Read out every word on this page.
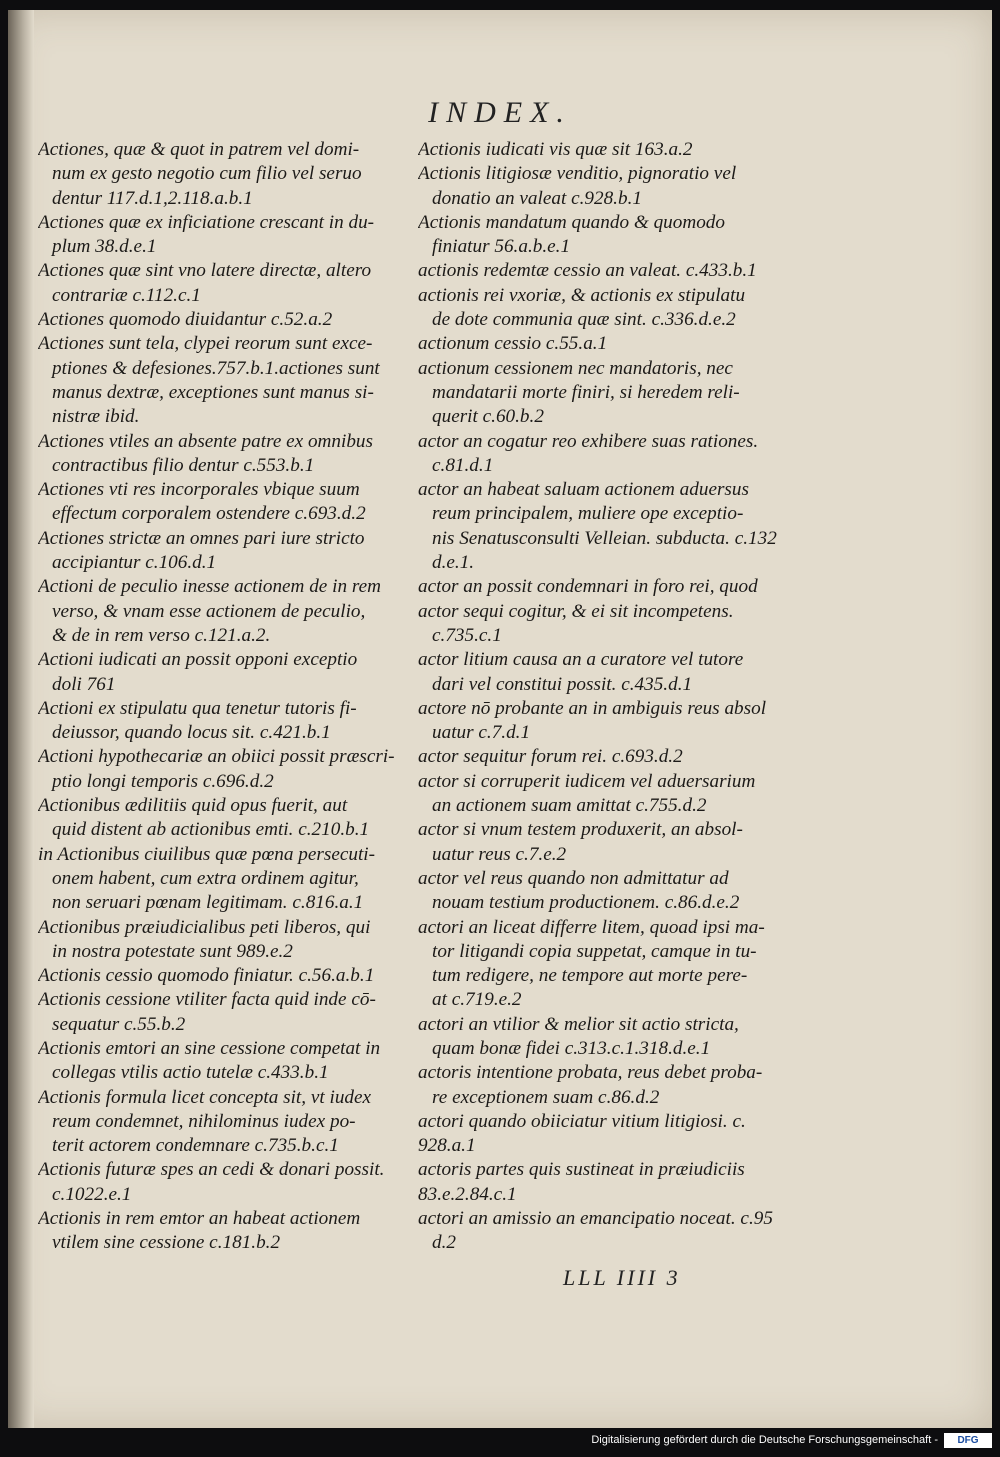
INDEX.
Actiones, quæ & quot in patrem vel domi-
num ex gesto negotio cum filio vel seruo
dentur 117.d.1,2.118.a.b.1
Actiones quæ ex inficiatione crescant in du-
plum 38.d.e.1
Actiones quæ sint vno latere directæ, altero
contrariæ c.112.c.1
Actiones quomodo diuidantur c.52.a.2
Actiones sunt tela, clypei reorum sunt exce-
ptiones & defesiones.757.b.1.actiones sunt
manus dextræ, exceptiones sunt manus si-
nistræ ibid.
Actiones vtiles an absente patre ex omnibus
contractibus filio dentur c.553.b.1
Actiones vti res incorporales vbique suum
effectum corporalem ostendere c.693.d.2
Actiones strictæ an omnes pari iure stricto
accipiantur c.106.d.1
Actioni de peculio inesse actionem de in rem
verso, & vnam esse actionem de peculio,
& de in rem verso c.121.a.2.
Actioni iudicati an possit opponi exceptio
doli 761
Actioni ex stipulatu qua tenetur tutoris fi-
deiussor, quando locus sit. c.421.b.1
Actioni hypothecariæ an obiici possit præscri-
ptio longi temporis c.696.d.2
Actionibus ædilitiis quid opus fuerit, aut
quid distent ab actionibus emti. c.210.b.1
in Actionibus ciuilibus quæ pœna persecuti-
onem habent, cum extra ordinem agitur,
non seruari pœnam legitimam. c.816.a.1
Actionibus præiudicialibus peti liberos, qui
in nostra potestate sunt 989.e.2
Actionis cessio quomodo finiatur. c.56.a.b.1
Actionis cessione vtiliter facta quid inde cō-
sequatur c.55.b.2
Actionis emtori an sine cessione competat in
collegas vtilis actio tutelæ c.433.b.1
Actionis formula licet concepta sit, vt iudex
reum condemnet, nihilominus iudex po-
terit actorem condemnare c.735.b.c.1
Actionis futuræ spes an cedi & donari possit.
c.1022.e.1
Actionis in rem emtor an habeat actionem
vtilem sine cessione c.181.b.2
Actionis iudicati vis quæ sit 163.a.2
Actionis litigiosæ venditio, pignoratio vel
donatio an valeat c.928.b.1
Actionis mandatum quando & quomodo
finiatur 56.a.b.e.1
actionis redemtæ cessio an valeat. c.433.b.1
actionis rei vxoriæ, & actionis ex stipulatu
de dote communia quæ sint. c.336.d.e.2
actionum cessio c.55.a.1
actionum cessionem nec mandatoris, nec
mandatarii morte finiri, si heredem reli-
querit c.60.b.2
actor an cogatur reo exhibere suas rationes.
c.81.d.1
actor an habeat saluam actionem aduersus
reum principalem, muliere ope exceptio-
nis Senatusconsulti Velleian. subducta. c.132
d.e.1.
actor an possit condemnari in foro rei, quod
actor sequi cogitur, & ei sit incompetens.
c.735.c.1
actor litium causa an a curatore vel tutore
dari vel constitui possit. c.435.d.1
actore nō probante an in ambiguis reus absol
uatur c.7.d.1
actor sequitur forum rei. c.693.d.2
actor si corruperit iudicem vel aduersarium
an actionem suam amittat c.755.d.2
actor si vnum testem produxerit, an absol-
uatur reus c.7.e.2
actor vel reus quando non admittatur ad
nouam testium productionem. c.86.d.e.2
actori an liceat differre litem, quoad ipsi ma-
tor litigandi copia suppetat, camque in tu-
tum redigere, ne tempore aut morte pere-
at c.719.e.2
actori an vtilior & melior sit actio stricta,
quam bonæ fidei c.313.c.1.318.d.e.1
actoris intentione probata, reus debet proba-
re exceptionem suam c.86.d.2
actori quando obiiciatur vitium litigiosi. c.
928.a.1
actoris partes quis sustineat in præiudiciis
83.e.2.84.c.1
actori an amissio an emancipatio noceat. c.95
d.2
LLL IIII 3
Digitalisierung gefördert durch die Deutsche Forschungsgemeinschaft -	DFG
